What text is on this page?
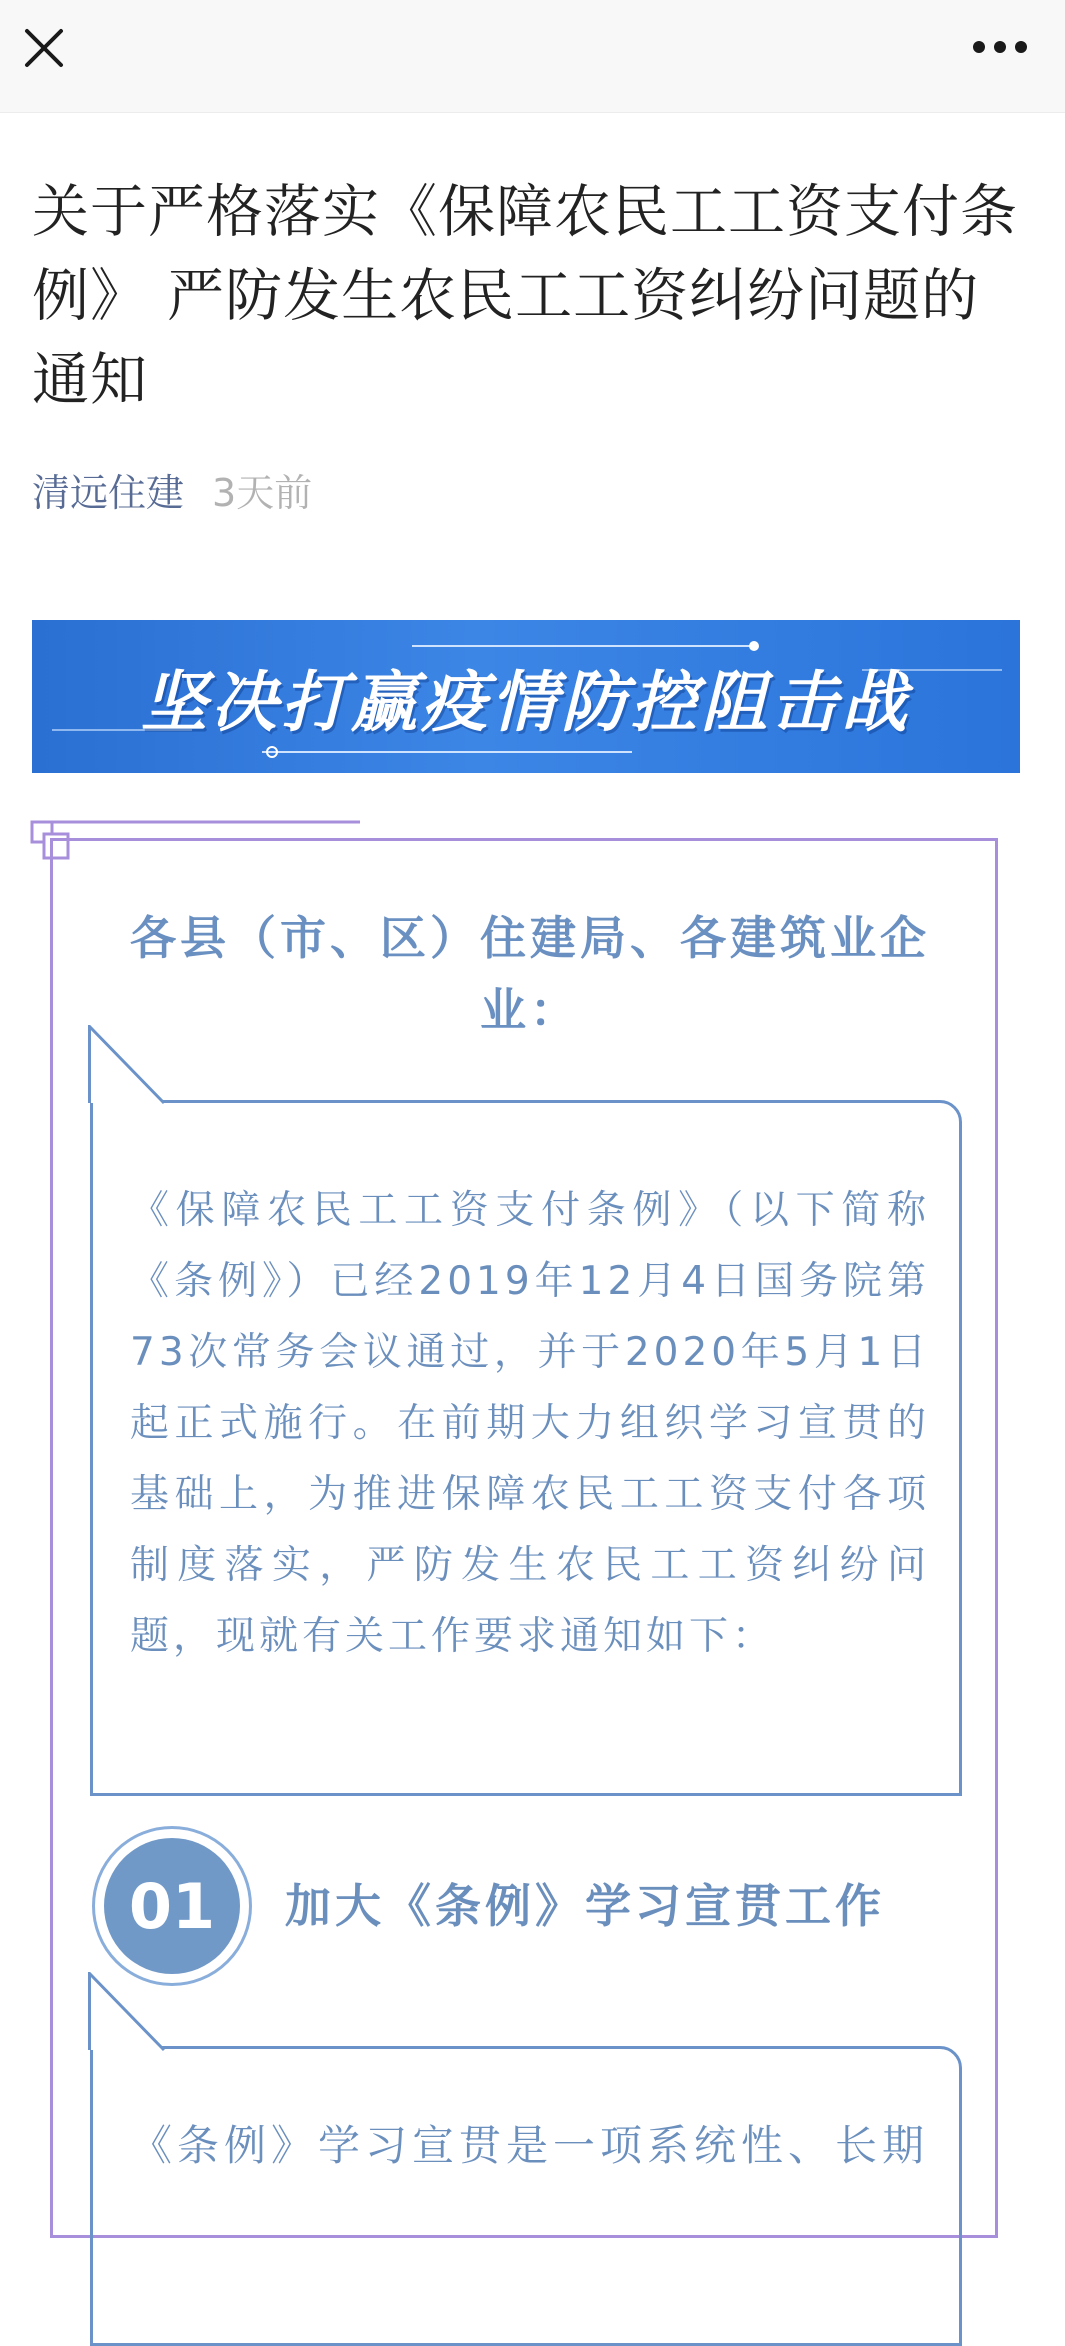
关于严格落实《保障农民工工资支付条例》 严防发生农民工工资纠纷问题的通知
清远住建 3天前
坚决打赢疫情防控阻击战

各县（市、区）住建局、各建筑业企业：

《保障农民工工资支付条例》（以下简称《条例》）已经2019年12月4日国务院第73次常务会议通过，并于2020年5月1日起正式施行。在前期大力组织学习宣贯的基础上，为推进保障农民工工资支付各项制度落实，严防发生农民工工资纠纷问题，现就有关工作要求通知如下：

01	加大《条例》学习宣贯工作

《条例》学习宣贯是一项系统性、长期
